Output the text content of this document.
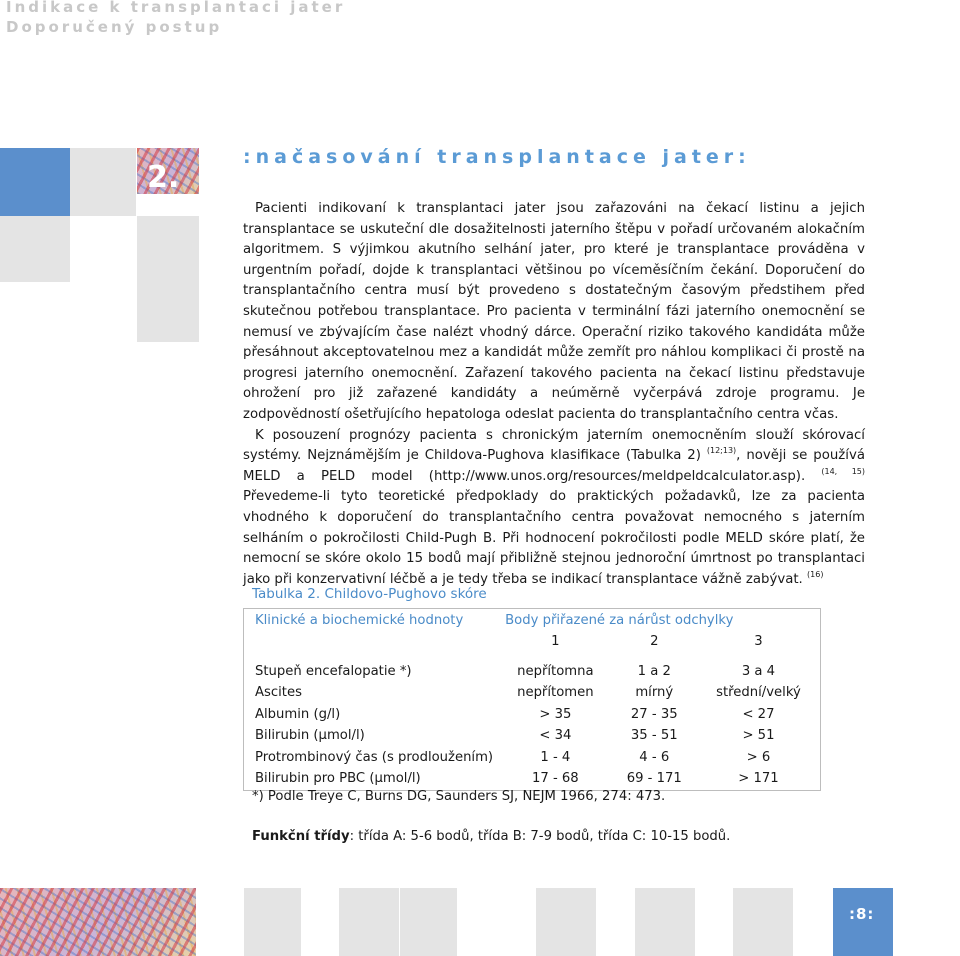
Indikace k transplantaci jater
Doporučený postup
2.
:načasování transplantace jater:

Pacienti indikovaní k transplantaci jater jsou zařazováni na čekací listinu a jejich transplantace se uskuteční dle dosažitelnosti jaterního štěpu v pořadí určovaném alokačním algoritmem. S výjimkou akutního selhání jater, pro které je transplantace prováděna v urgentním pořadí, dojde k transplantaci většinou po víceměsíčním čekání. Doporučení do transplantačního centra musí být provedeno s dostatečným časovým předstihem před skutečnou potřebou transplantace. Pro pacienta v terminální fázi jaterního onemocnění se nemusí ve zbývajícím čase nalézt vhodný dárce. Operační riziko takového kandidáta může přesáhnout akceptovatelnou mez a kandidát může zemřít pro náhlou komplikaci či prostě na progresi jaterního onemocnění. Zařazení takového pacienta na čekací listinu představuje ohrožení pro již zařazené kandidáty a neúměrně vyčerpává zdroje programu. Je zodpovědností ošetřujícího hepatologa odeslat pacienta do transplantačního centra včas.

K posouzení prognózy pacienta s chronickým jaterním onemocněním slouží skórovací systémy. Nejznámějším je Childova-Pughova klasifikace (Tabulka 2) $^{(12;13)}$, nověji se používá MELD a PELD model (http://www.unos.org/resources/meldpeldcalculator.asp). $^{(14, 15)}$ Převedeme-li tyto teoretické předpoklady do praktických požadavků, lze za pacienta vhodného k doporučení do transplantačního centra považovat nemocného s jaterním selháním o pokročilosti Child-Pugh B. Při hodnocení pokročilosti podle MELD skóre platí, že nemocní se skóre okolo 15 bodů mají přibližně stejnou jednoroční úmrtnost po transplantaci jako při konzervativní léčbě a je tedy třeba se indikací transplantace vážně zabývat. $^{(16)}$

Tabulka 2. Childovo-Pughovo skóre
Klinické a biochemické hodnoty	Body přiřazené za nárůst odchylky		
	1	2	3

Stupeň encefalopatie *)	nepřítomna	1 a 2	3 a 4
Ascites	nepřítomen	mírný	střední/velký
Albumin (g/l)	> 35	27 - 35	< 27
Bilirubin (µmol/l)	< 34	35 - 51	> 51
Protrombinový čas (s prodloužením)	1 - 4	4 - 6	> 6
Bilirubin pro PBC (µmol/l)	17 - 68	69 - 171	> 171
*) Podle Treye C, Burns DG, Saunders SJ, NEJM 1966, 274: 473.
Funkční třídy: třída A: 5-6 bodů, třída B: 7-9 bodů, třída C: 10-15 bodů.
:8:
